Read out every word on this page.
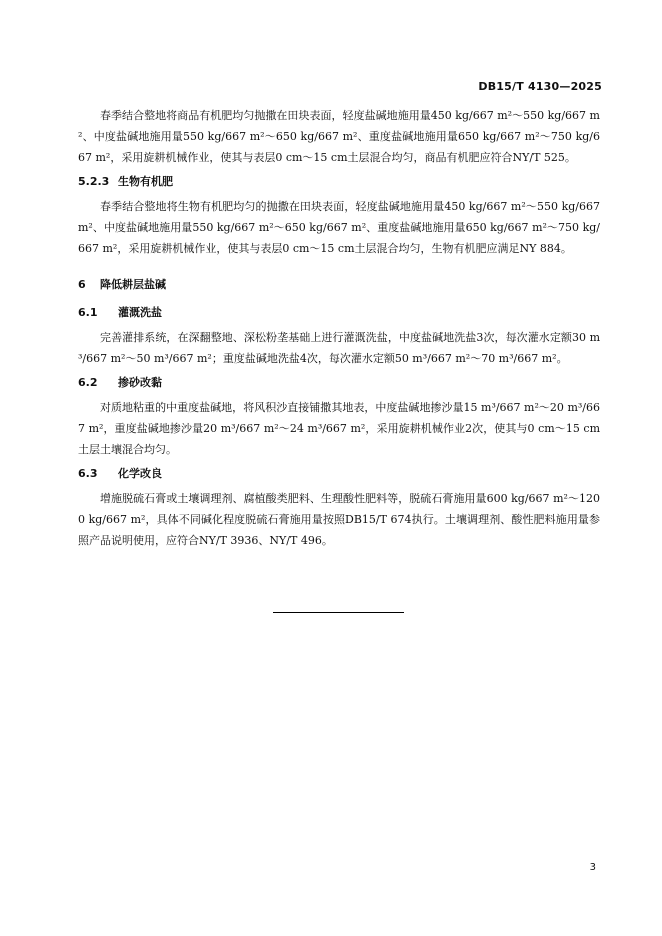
DB15/T 4130—2025

春季结合整地将商品有机肥均匀抛撒在田块表面，轻度盐碱地施用量450 kg/667 m²～550 kg/667 m²、中度盐碱地施用量550 kg/667 m²～650 kg/667 m²、重度盐碱地施用量650 kg/667 m²～750 kg/667 m²，采用旋耕机械作业，使其与表层0 cm～15 cm土层混合均匀，商品有机肥应符合NY/T 525。

5.2.3 生物有机肥

春季结合整地将生物有机肥均匀的抛撒在田块表面，轻度盐碱地施用量450 kg/667 m²～550 kg/667 m²、中度盐碱地施用量550 kg/667 m²～650 kg/667 m²、重度盐碱地施用量650 kg/667 m²～750 kg/667 m²，采用旋耕机械作业，使其与表层0 cm～15 cm土层混合均匀，生物有机肥应满足NY 884。

6 降低耕层盐碱

6.1 灌溉洗盐

完善灌排系统，在深翻整地、深松粉垄基础上进行灌溉洗盐，中度盐碱地洗盐3次，每次灌水定额30 m³/667 m²～50 m³/667 m²；重度盐碱地洗盐4次，每次灌水定额50 m³/667 m²～70 m³/667 m²。

6.2 掺砂改黏

对质地粘重的中重度盐碱地，将风积沙直接铺撒其地表，中度盐碱地掺沙量15 m³/667 m²～20 m³/667 m²，重度盐碱地掺沙量20 m³/667 m²～24 m³/667 m²，采用旋耕机械作业2次，使其与0 cm～15 cm土层土壤混合均匀。

6.3 化学改良

增施脱硫石膏或土壤调理剂、腐植酸类肥料、生理酸性肥料等，脱硫石膏施用量600 kg/667 m²～1200 kg/667 m²，具体不同碱化程度脱硫石膏施用量按照DB15/T 674执行。土壤调理剂、酸性肥料施用量参照产品说明使用，应符合NY/T 3936、NY/T 496。

3
